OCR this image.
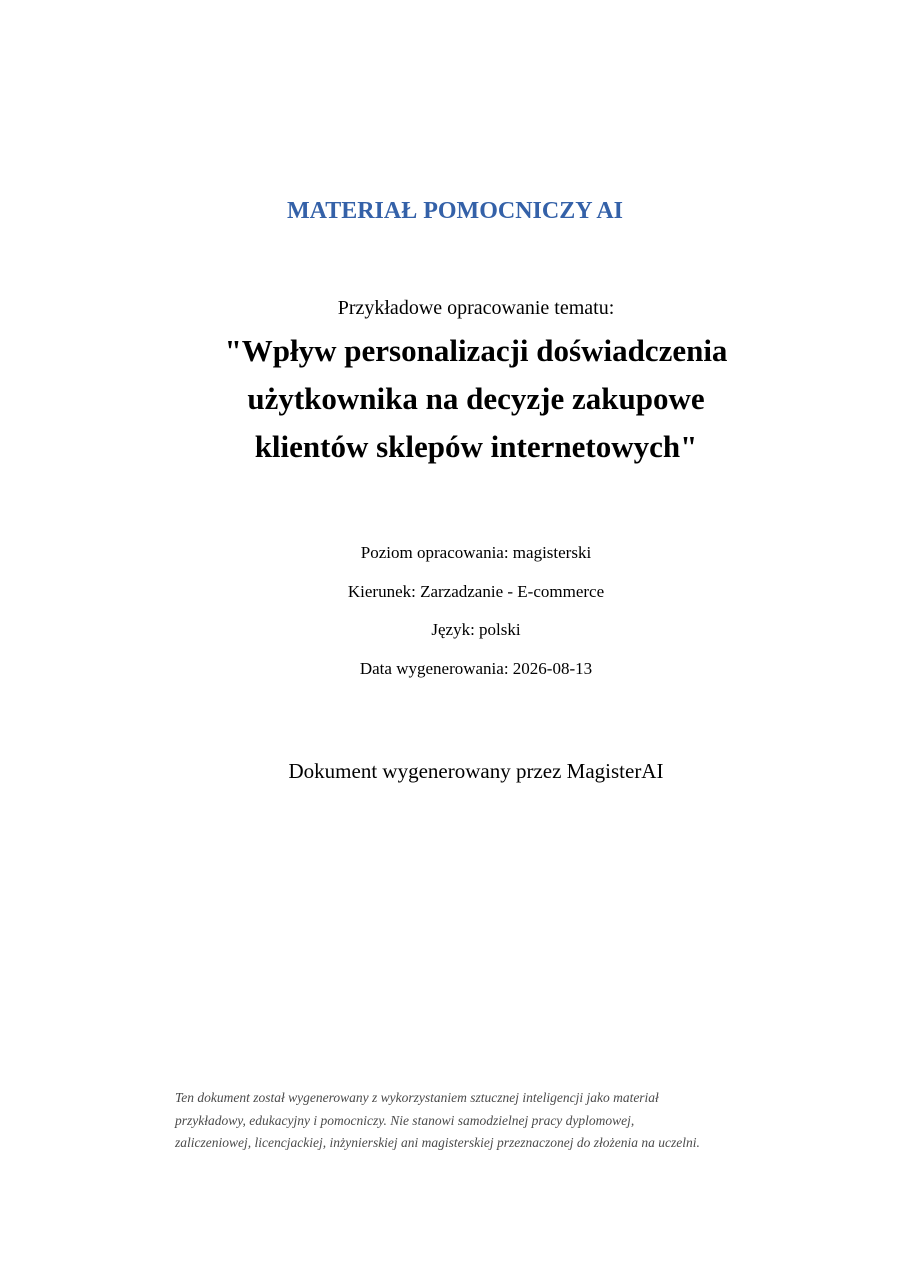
MATERIAŁ POMOCNICZY AI
Przykładowe opracowanie tematu:
"Wpływ personalizacji doświadczenia
użytkownika na decyzje zakupowe
klientów sklepów internetowych"
Poziom opracowania: magisterski
Kierunek: Zarzadzanie - E-commerce
Język: polski
Data wygenerowania: 2026-08-13
Dokument wygenerowany przez MagisterAI
Ten dokument został wygenerowany z wykorzystaniem sztucznej inteligencji jako materiał
przykładowy, edukacyjny i pomocniczy. Nie stanowi samodzielnej pracy dyplomowej,
zaliczeniowej, licencjackiej, inżynierskiej ani magisterskiej przeznaczonej do złożenia na uczelni.
